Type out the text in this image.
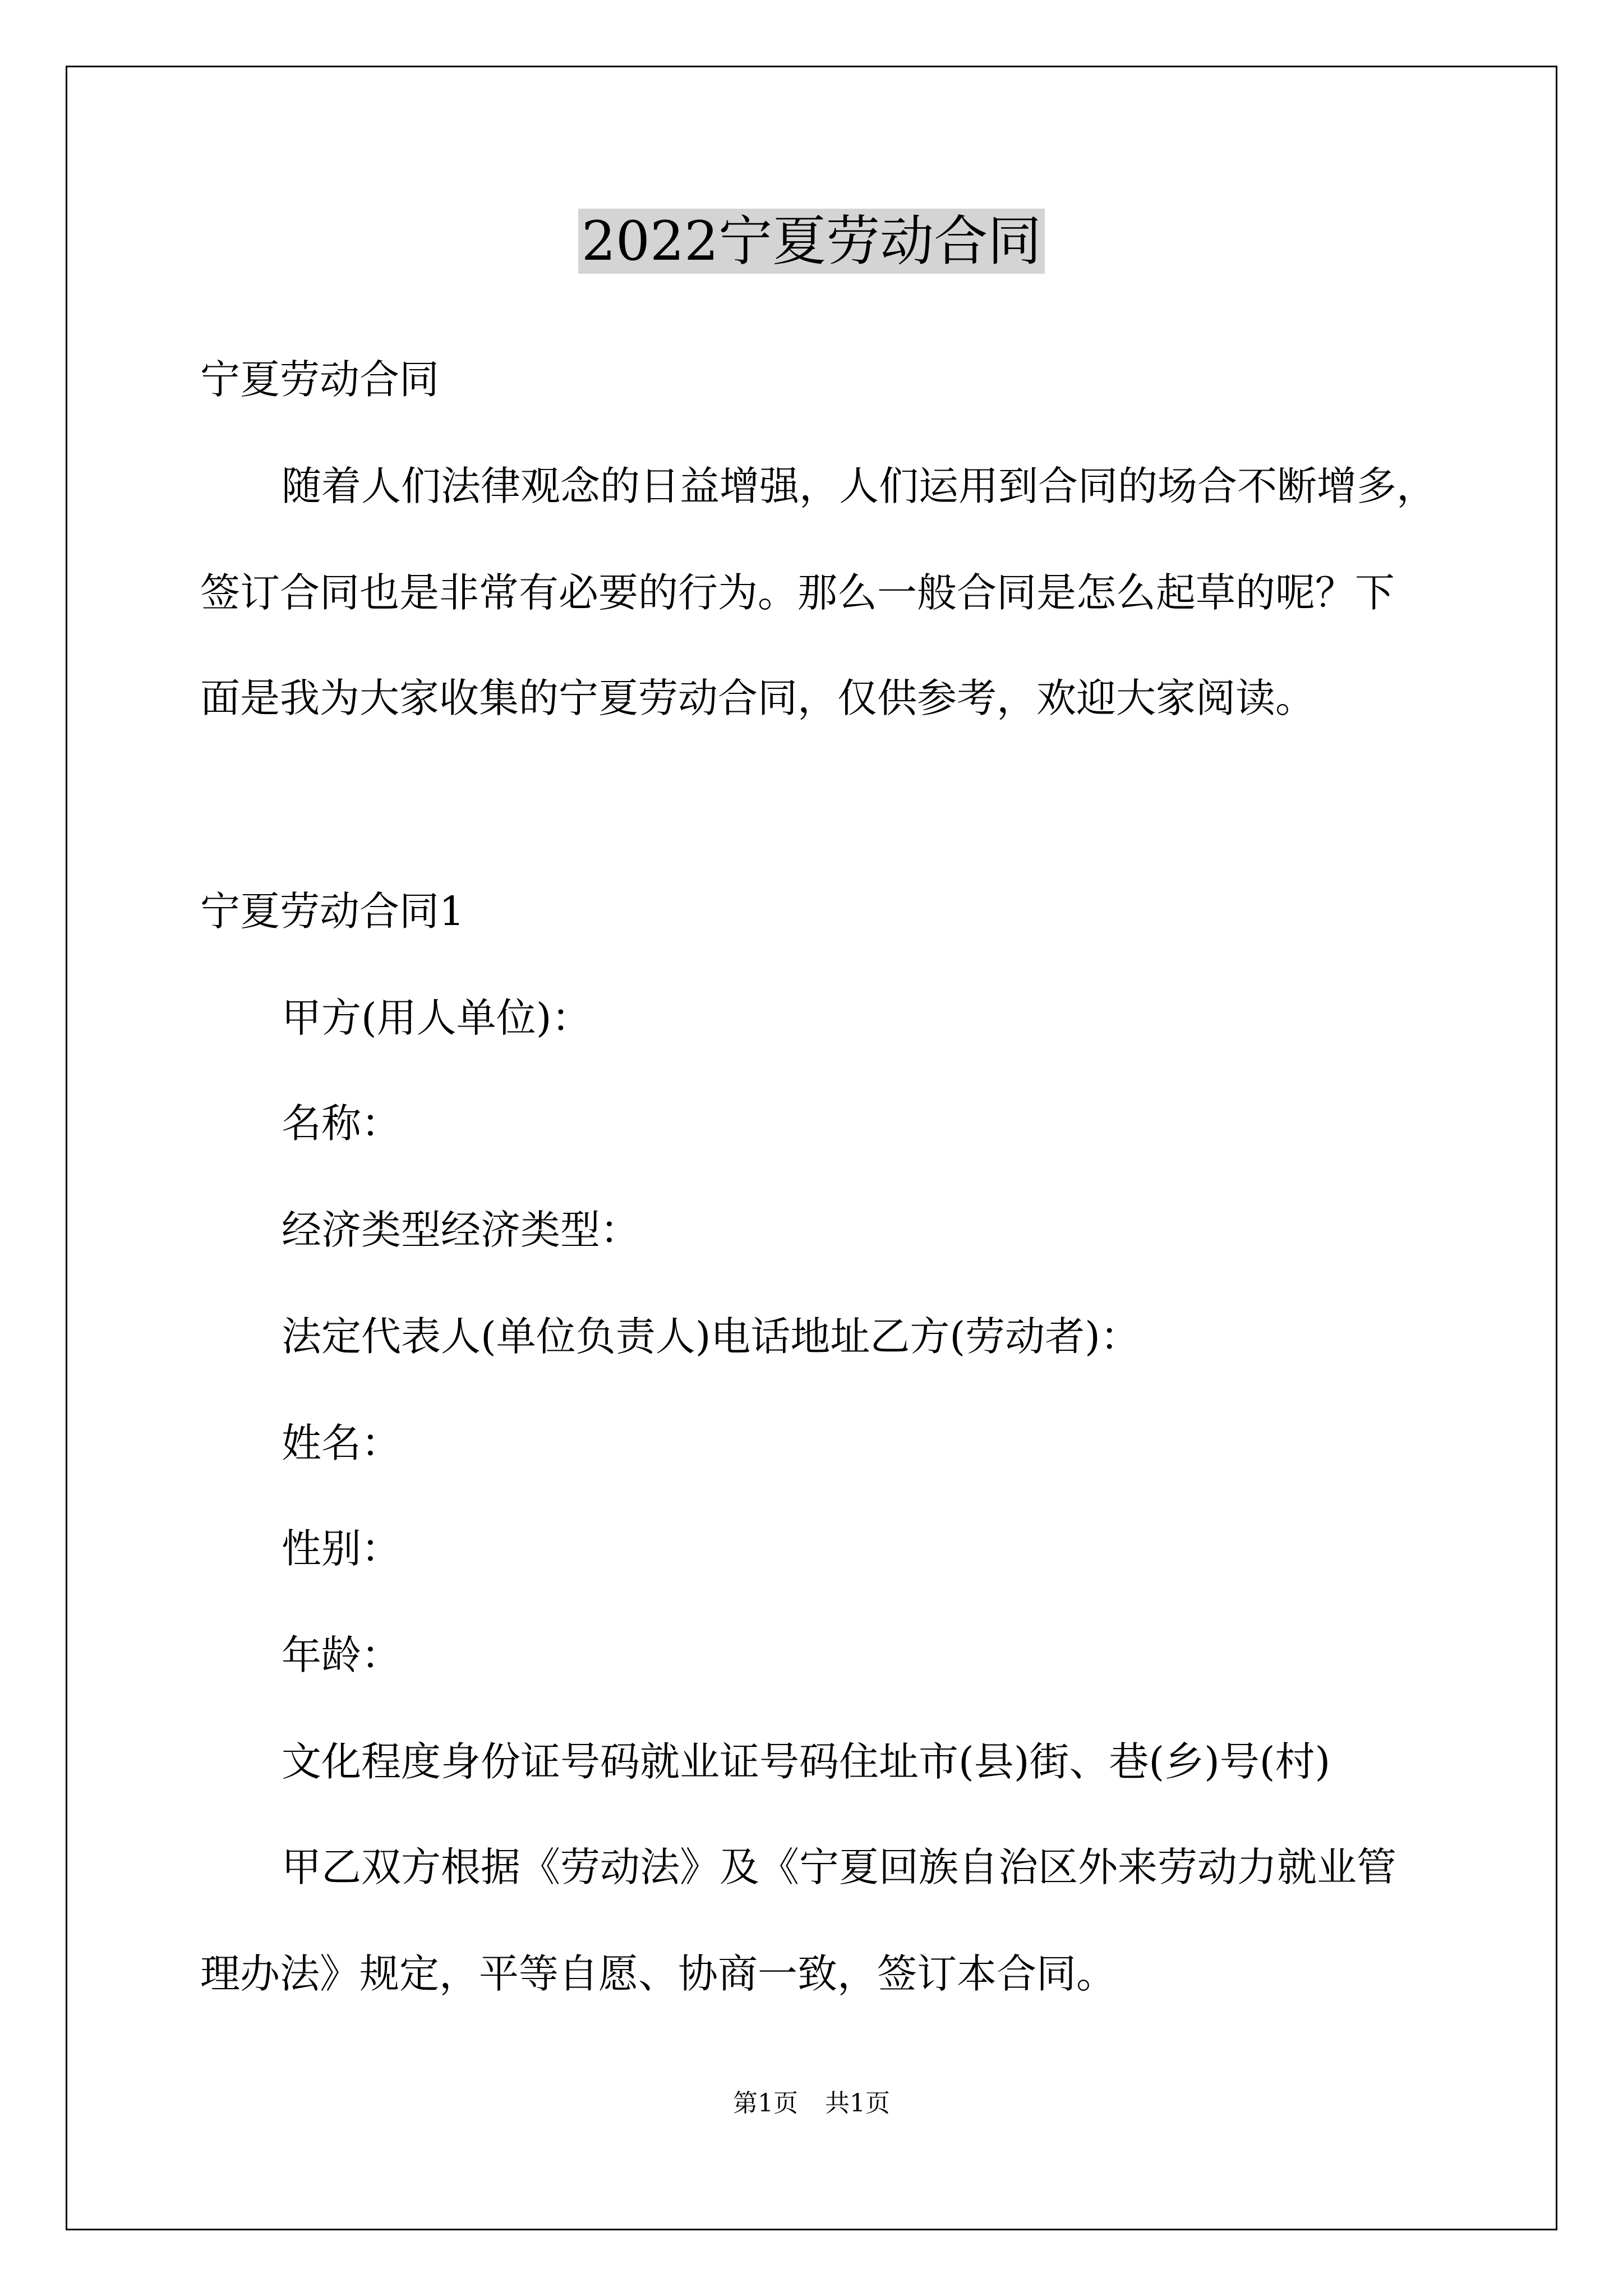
2022宁夏劳动合同
宁夏劳动合同
随着人们法律观念的日益增强，人们运用到合同的场合不断增多，
签订合同也是非常有必要的行为。那么一般合同是怎么起草的呢？下
面是我为大家收集的宁夏劳动合同，仅供参考，欢迎大家阅读。
宁夏劳动合同1
甲方(用人单位)：
名称：
经济类型经济类型：
法定代表人(单位负责人)电话地址乙方(劳动者)：
姓名：
性别：
年龄：
文化程度身份证号码就业证号码住址市(县)街、巷(乡)号(村)
甲乙双方根据《劳动法》及《宁夏回族自治区外来劳动力就业管
理办法》规定，平等自愿、协商一致，签订本合同。
第1页 共1页
